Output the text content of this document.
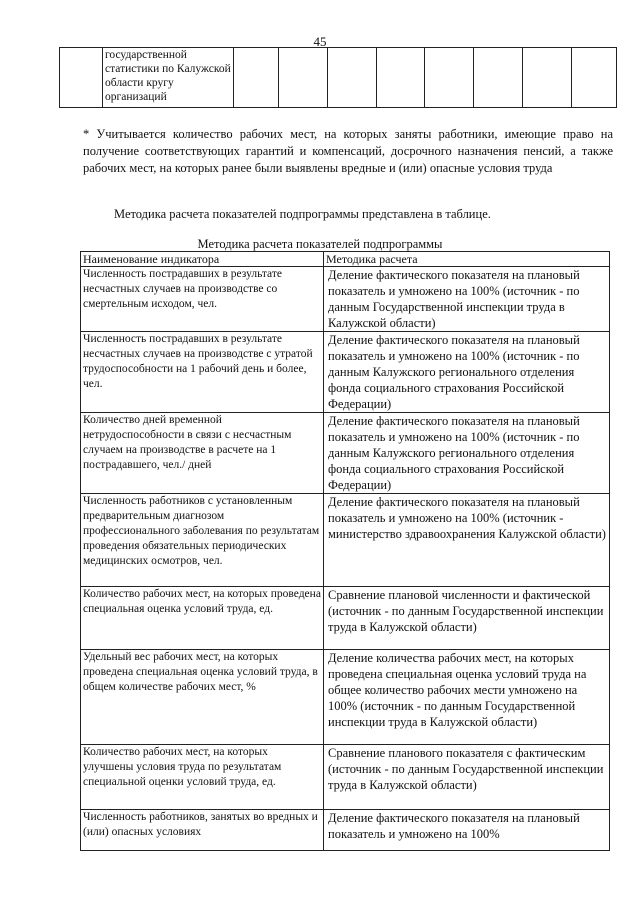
45
	государственной статистики по Калужской области кругу организаций								

* Учитывается количество рабочих мест, на которых заняты работники, имеющие право на получение соответствующих гарантий и компенсаций, досрочного назначения пенсий, а также рабочих мест, на которых ранее были выявлены вредные и (или) опасные условия труда

Методика расчета показателей подпрограммы представлена в таблице.

Методика расчета показателей подпрограммы

Наименование индикатора	Методика расчета
Численность пострадавших в результате несчастных случаев на производстве со смертельным исходом, чел.	Деление фактического показателя на плановый показатель и умножено на 100% (источник - по данным Государственной инспекции труда в Калужской области)
Численность пострадавших в результате несчастных случаев на производстве с утратой трудоспособности на 1 рабочий день и более, чел.	Деление фактического показателя на плановый показатель и умножено на 100% (источник - по данным Калужского регионального отделения фонда социального страхования Российской Федерации)
Количество дней временной нетрудоспособности в связи с несчастным случаем на производстве в расчете на 1 пострадавшего, чел./ дней	Деление фактического показателя на плановый показатель и умножено на 100% (источник - по данным Калужского регионального отделения фонда социального страхования Российской Федерации)
Численность работников с установленным предварительным диагнозом профессионального заболевания по результатам проведения обязательных периодических медицинских осмотров, чел.	Деление фактического показателя на плановый показатель и умножено на 100% (источник - министерство здравоохранения Калужской области)
Количество рабочих мест, на которых проведена специальная оценка условий труда, ед.	Сравнение плановой численности и фактической (источник - по данным Государственной инспекции труда в Калужской области)
Удельный вес рабочих мест, на которых проведена специальная оценка условий труда, в общем количестве рабочих мест, %	Деление количества рабочих мест, на которых проведена специальная оценка условий труда на общее количество рабочих мести умножено на 100% (источник - по данным Государственной инспекции труда в Калужской области)
Количество рабочих мест, на которых улучшены условия труда по результатам специальной оценки условий труда, ед.	Сравнение планового показателя с фактическим (источник - по данным Государственной инспекции труда в Калужской области)
Численность работников, занятых во вредных и (или) опасных условиях	Деление фактического показателя на плановый показатель и умножено на 100%
